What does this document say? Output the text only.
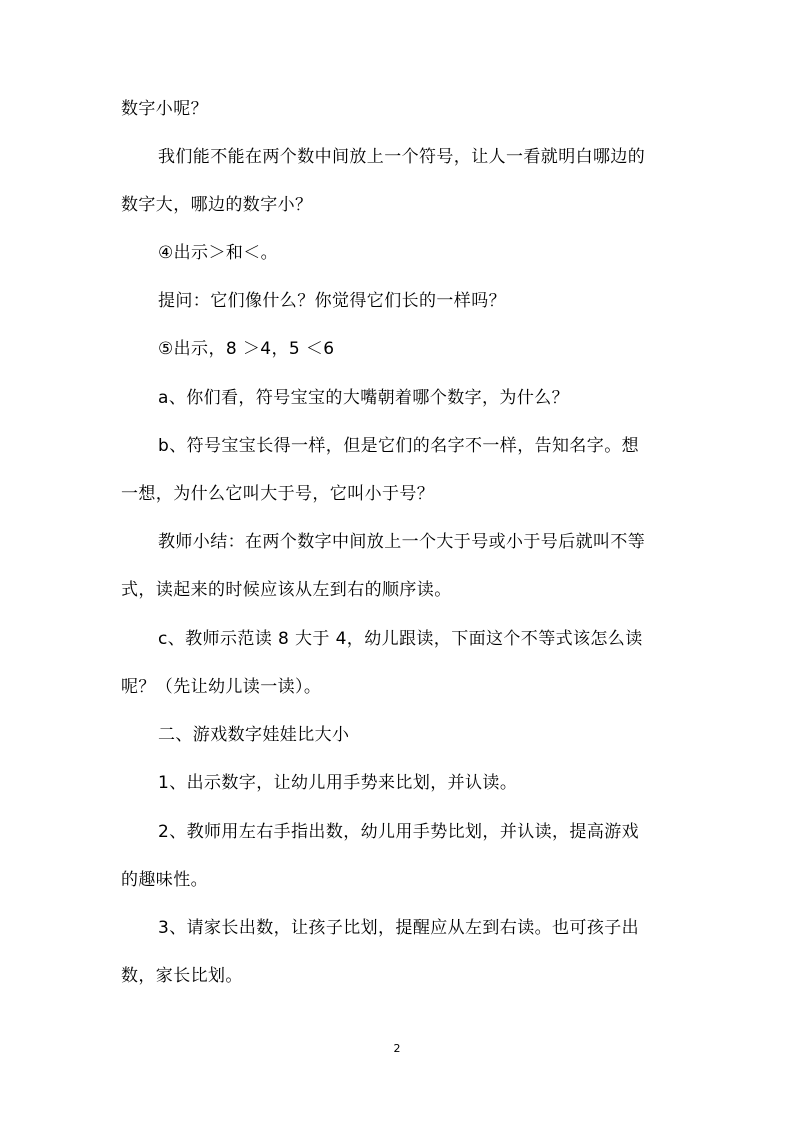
数字小呢？
我们能不能在两个数中间放上一个符号，让人一看就明白哪边的
数字大，哪边的数字小？
④出示＞和＜。
提问：它们像什么？你觉得它们长的一样吗？
⑤出示，8 ＞4，5 ＜6
a、你们看，符号宝宝的大嘴朝着哪个数字，为什么？
b、符号宝宝长得一样，但是它们的名字不一样，告知名字。想
一想，为什么它叫大于号，它叫小于号？
教师小结：在两个数字中间放上一个大于号或小于号后就叫不等
式，读起来的时候应该从左到右的顺序读。
c、教师示范读 8 大于 4，幼儿跟读，下面这个不等式该怎么读
呢？（先让幼儿读一读）。
二、游戏数字娃娃比大小
1、出示数字，让幼儿用手势来比划，并认读。
2、教师用左右手指出数，幼儿用手势比划，并认读，提高游戏
的趣味性。
3、请家长出数，让孩子比划，提醒应从左到右读。也可孩子出
数，家长比划。
2
